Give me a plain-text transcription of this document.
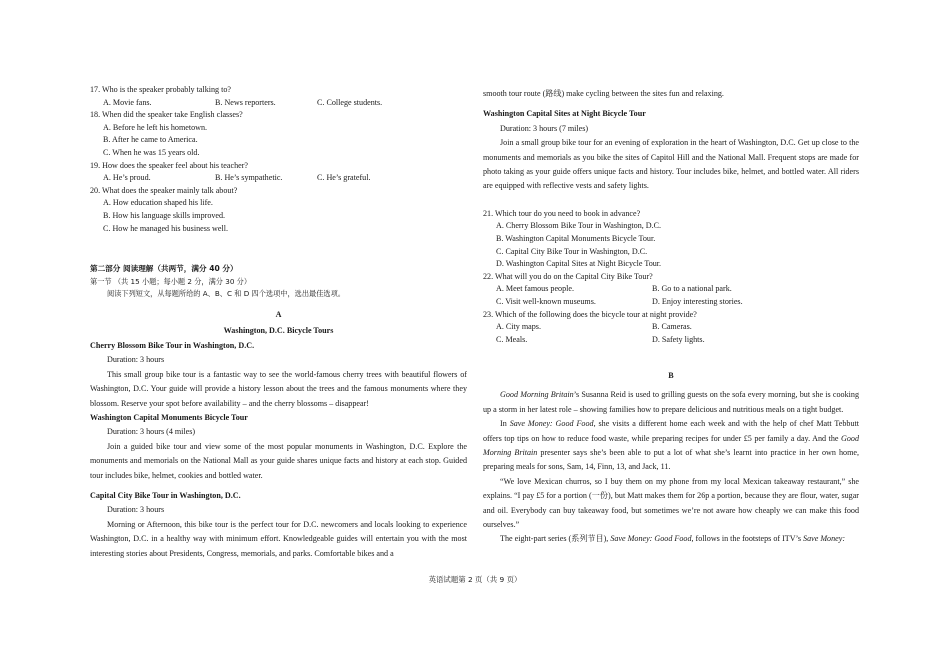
17. Who is the speaker probably talking to?

A. Movie fans.	B. News reporters.	C. College students.

18. When did the speaker take English classes?

A. Before he left his hometown.

B. After he came to America.

C. When he was 15 years old.

19. How does the speaker feel about his teacher?

A. He’s proud.	B. He’s sympathetic.	C. He’s grateful.

20. What does the speaker mainly talk about?

A. How education shaped his life.

B. How his language skills improved.

C. How he managed his business well.

第二部分 阅读理解（共两节，满分 40 分）

第一节 （共 15 小题；每小题 2 分，满分 30 分）

阅读下列短文，从每题所给的 A、B、C 和 D 四个选项中，选出最佳选项。

A

Washington, D.C. Bicycle Tours

Cherry Blossom Bike Tour in Washington, D.C.

Duration: 3 hours

This small group bike tour is a fantastic way to see the world-famous cherry trees with beautiful flowers of Washington, D.C. Your guide will provide a history lesson about the trees and the famous monuments where they blossom. Reserve your spot before availability – and the cherry blossoms – disappear!

Washington Capital Monuments Bicycle Tour

Duration: 3 hours (4 miles)

Join a guided bike tour and view some of the most popular monuments in Washington, D.C. Explore the monuments and memorials on the National Mall as your guide shares unique facts and history at each stop. Guided tour includes bike, helmet, cookies and bottled water.

Capital City Bike Tour in Washington, D.C.

Duration: 3 hours

Morning or Afternoon, this bike tour is the perfect tour for D.C. newcomers and locals looking to experience Washington, D.C. in a healthy way with minimum effort. Knowledgeable guides will entertain you with the most interesting stories about Presidents, Congress, memorials, and parks. Comfortable bikes and a

smooth tour route (路线) make cycling between the sites fun and relaxing.

Washington Capital Sites at Night Bicycle Tour

Duration: 3 hours (7 miles)

Join a small group bike tour for an evening of exploration in the heart of Washington, D.C. Get up close to the monuments and memorials as you bike the sites of Capitol Hill and the National Mall. Frequent stops are made for photo taking as your guide offers unique facts and history. Tour includes bike, helmet, and bottled water. All riders are equipped with reflective vests and safety lights.

21. Which tour do you need to book in advance?

A. Cherry Blossom Bike Tour in Washington, D.C.

B. Washington Capital Monuments Bicycle Tour.

C. Capital City Bike Tour in Washington, D.C.

D. Washington Capital Sites at Night Bicycle Tour.

22. What will you do on the Capital City Bike Tour?

A. Meet famous people.	B. Go to a national park.
C. Visit well-known museums.	D. Enjoy interesting stories.

23. Which of the following does the bicycle tour at night provide?

A. City maps.	B. Cameras.
C. Meals.	D. Safety lights.

B

Good Morning Britain’s Susanna Reid is used to grilling guests on the sofa every morning, but she is cooking up a storm in her latest role – showing families how to prepare delicious and nutritious meals on a tight budget.

In Save Money: Good Food, she visits a different home each week and with the help of chef Matt Tebbutt offers top tips on how to reduce food waste, while preparing recipes for under £5 per family a day. And the Good Morning Britain presenter says she’s been able to put a lot of what she’s learnt into practice in her own home, preparing meals for sons, Sam, 14, Finn, 13, and Jack, 11.

“We love Mexican churros, so I buy them on my phone from my local Mexican takeaway restaurant,” she explains. “I pay £5 for a portion (一份), but Matt makes them for 26p a portion, because they are flour, water, sugar and oil. Everybody can buy takeaway food, but sometimes we’re not aware how cheaply we can make this food ourselves.”

The eight-part series (系列节目), Save Money: Good Food, follows in the footsteps of ITV’s Save Money:

英语试题第 2 页（共 9 页）
